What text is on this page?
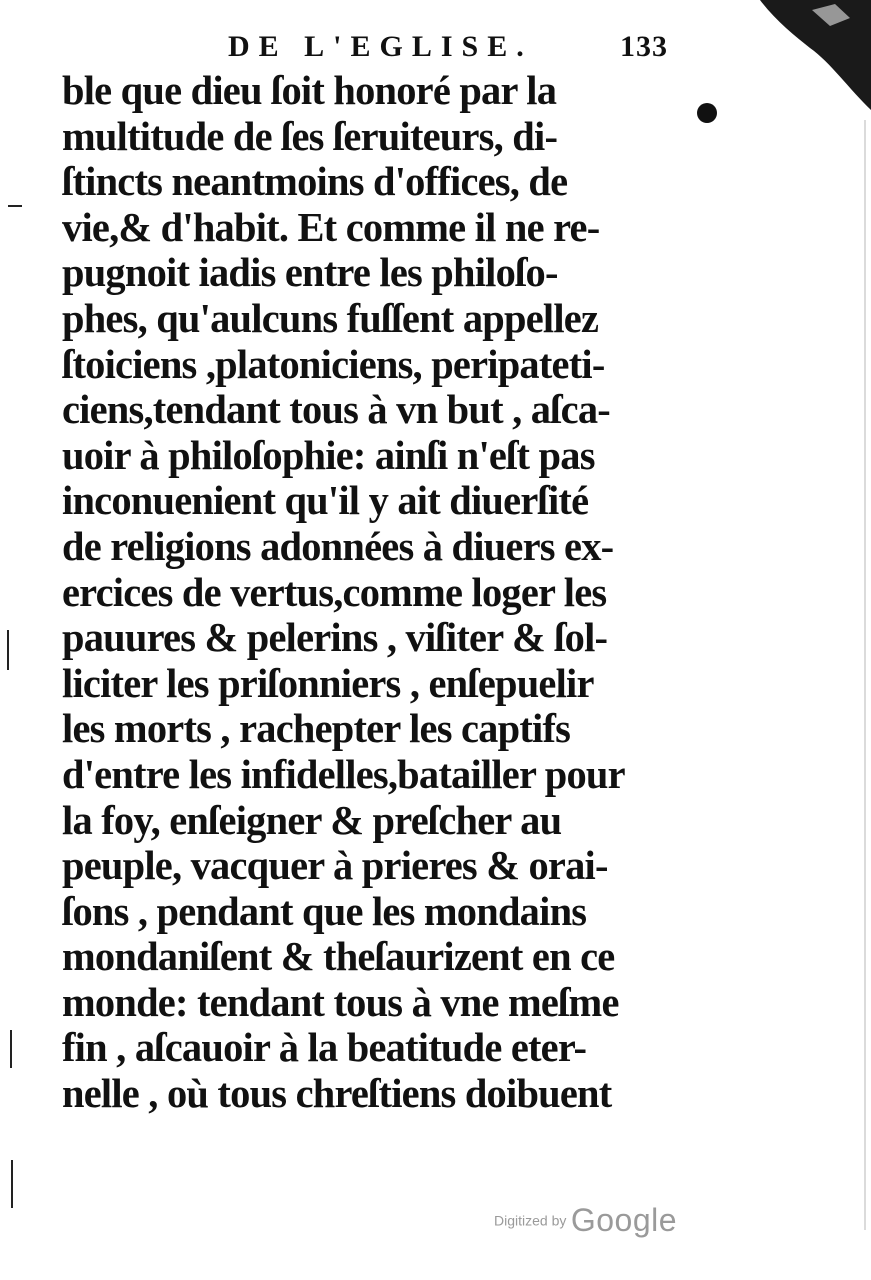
DE L'EGLISE.	133
ble que dieu ſoit honoré par la
multitude de ſes ſeruiteurs, di-
ſtincts neantmoins d'offices, de
vie,& d'habit. Et comme il ne re-
pugnoit iadis entre les philoſo-
phes, qu'aulcuns fuſſent appellez
ſtoiciens ,platoniciens, peripateti-
ciens,tendant tous à vn but , aſca-
uoir à philoſophie: ainſi n'eſt pas
inconuenient qu'il y ait diuerſité
de religions adonnées à diuers ex-
ercices de vertus,comme loger les
pauures & pelerins , viſiter & ſol-
liciter les priſonniers , enſepuelir
les morts , rachepter les captifs
d'entre les infidelles,batailler pour
la foy, enſeigner & preſcher au
peuple, vacquer à prieres & orai-
ſons , pendant que les mondains
mondaniſent & theſaurizent en ce
monde: tendant tous à vne meſme
fin , aſcauoir à la beatitude eter-
nelle , où tous chreſtiens doibuent
Digitized by Google
